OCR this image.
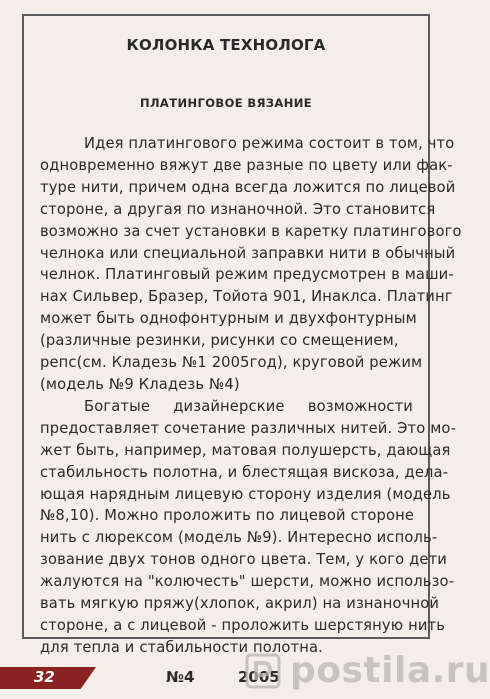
КОЛОНКА ТЕХНОЛОГА
ПЛАТИНГОВОЕ ВЯЗАНИЕ
Идея платингового режима состоит в том, что
одновременно вяжут две разные по цвету или фак-
туре нити, причем одна всегда ложится по лицевой
стороне, а другая по изнаночной. Это становится
возможно за счет установки в каретку платингового
челнока или специальной заправки нити в обычный
челнок. Платинговый режим предусмотрен в маши-
нах Сильвер, Бразер, Тойота 901, Инаклса. Платинг
может быть однофонтурным и двухфонтурным
(различные резинки, рисунки со смещением,
репс(см. Кладезь №1 2005год), круговой режим
(модель №9 Кладезь №4)
Богатые дизайнерские возможности
предоставляет сочетание различных нитей. Это мо-
жет быть, например, матовая полушерсть, дающая
стабильность полотна, и блестящая вискоза, дела-
ющая нарядным лицевую сторону изделия (модель
№8,10). Можно проложить по лицевой стороне
нить с люрексом (модель №9). Интересно исполь-
зование двух тонов одного цвета. Тем, у кого дети
жалуются на "колючесть" шерсти, можно использо-
вать мягкую пряжу(хлопок, акрил) на изнаночной
стороне, а с лицевой - проложить шерстяную нить
для тепла и стабильности полотна.
32	№4	2005 postila.ru
